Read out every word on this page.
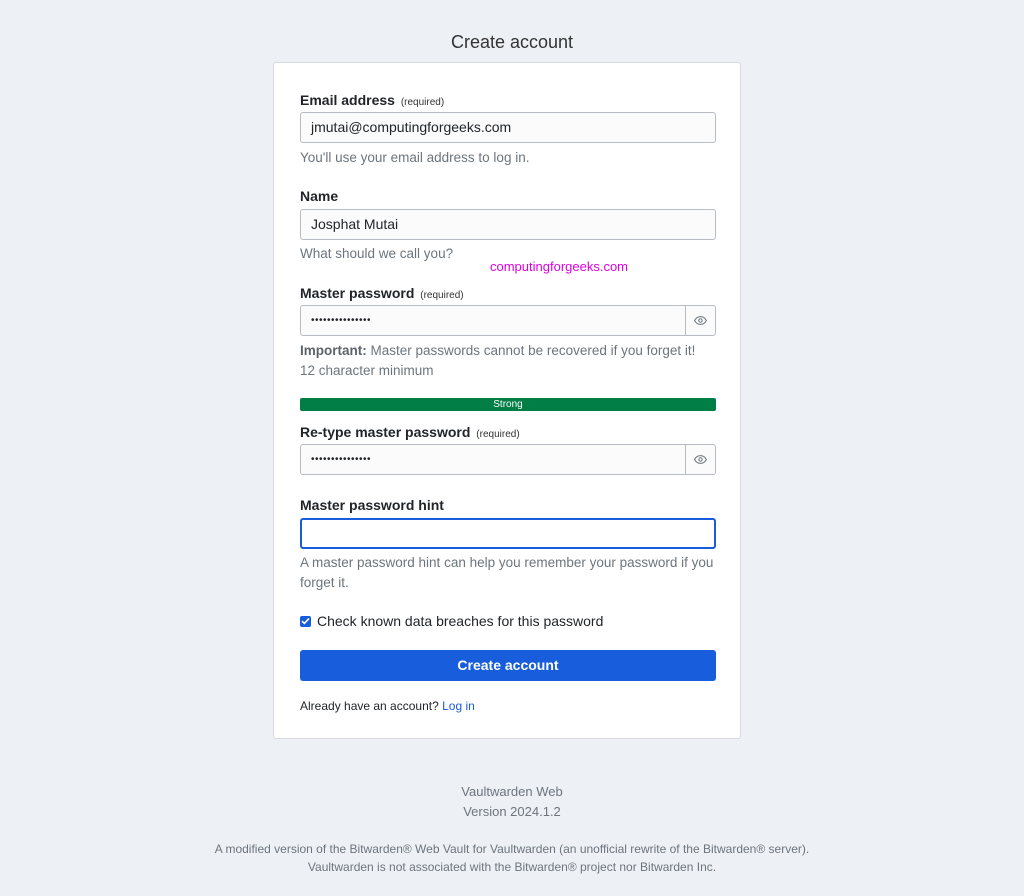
Create account
Email address (required)
jmutai@computingforgeeks.com
You'll use your email address to log in.
Name
Josphat Mutai
What should we call you?
computingforgeeks.com
Master password (required)
•••••••••••••••
Important: Master passwords cannot be recovered if you forget it!
12 character minimum
Strong
Re-type master password (required)
•••••••••••••••
Master password hint
A master password hint can help you remember your password if you forget it.
Check known data breaches for this password
Create account
Already have an account? Log in
Vaultwarden Web
Version 2024.1.2
A modified version of the Bitwarden® Web Vault for Vaultwarden (an unofficial rewrite of the Bitwarden® server).
Vaultwarden is not associated with the Bitwarden® project nor Bitwarden Inc.
